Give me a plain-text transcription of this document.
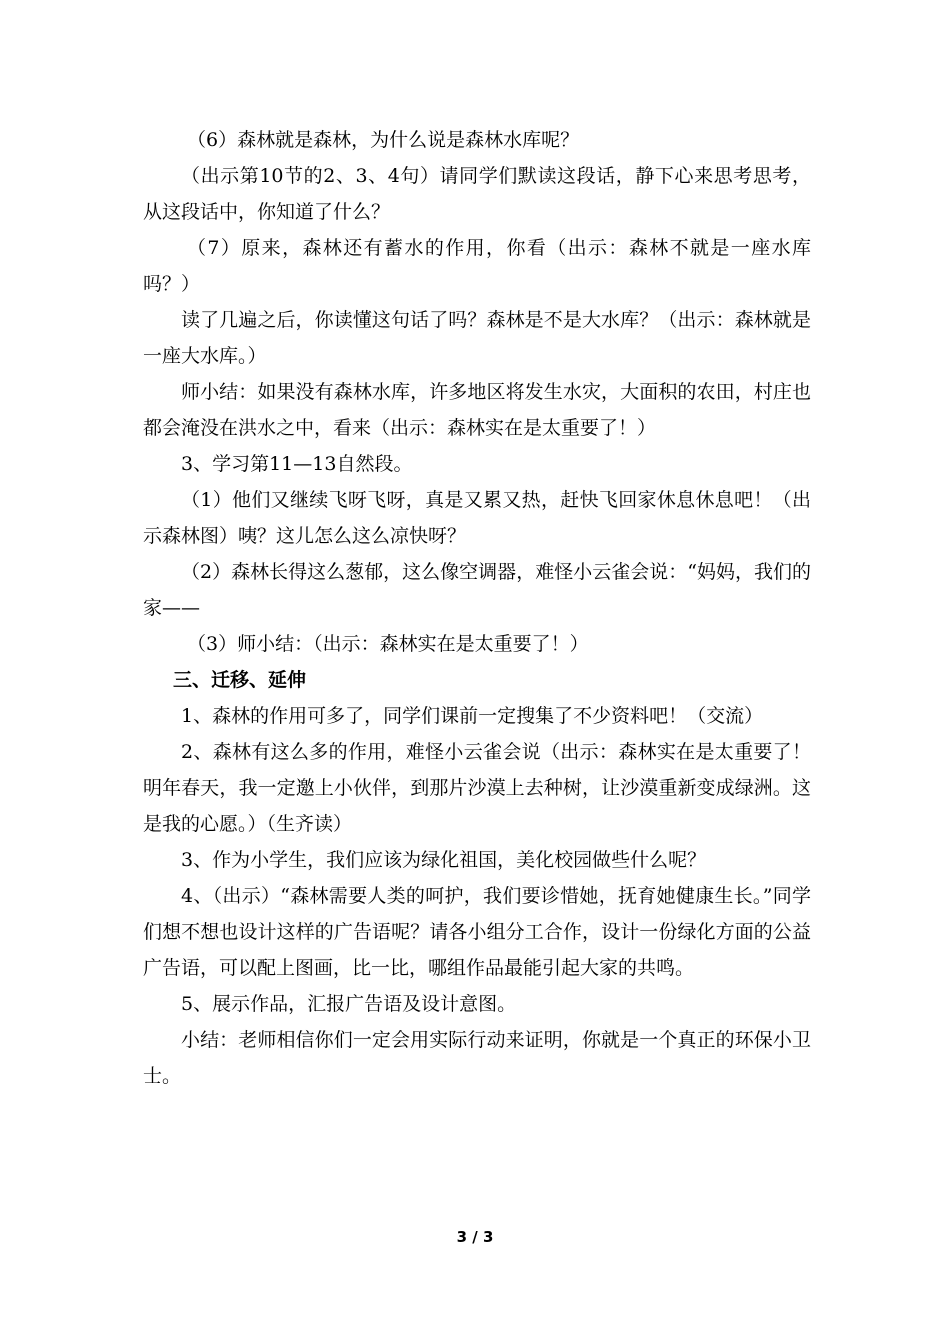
（6）森林就是森林，为什么说是森林水库呢？

（出示第10节的2、3、4句）请同学们默读这段话，静下心来思考思考，从这段话中，你知道了什么？

（7）原来，森林还有蓄水的作用，你看（出示：森林不就是一座水库吗？）

读了几遍之后，你读懂这句话了吗？森林是不是大水库？（出示：森林就是一座大水库。）

师小结：如果没有森林水库，许多地区将发生水灾，大面积的农田，村庄也都会淹没在洪水之中，看来（出示：森林实在是太重要了！）

3、学习第11—13自然段。

（1）他们又继续飞呀飞呀，真是又累又热，赶快飞回家休息休息吧！（出示森林图）咦？这儿怎么这么凉快呀？

（2）森林长得这么葱郁，这么像空调器，难怪小云雀会说：“妈妈，我们的家——

（3）师小结：（出示：森林实在是太重要了！）

三、迁移、延伸

1、森林的作用可多了，同学们课前一定搜集了不少资料吧！（交流）

2、森林有这么多的作用，难怪小云雀会说（出示：森林实在是太重要了！明年春天，我一定邀上小伙伴，到那片沙漠上去种树，让沙漠重新变成绿洲。这是我的心愿。）（生齐读）

3、作为小学生，我们应该为绿化祖国，美化校园做些什么呢？

4、（出示）“森林需要人类的呵护，我们要诊惜她，抚育她健康生长。”同学们想不想也设计这样的广告语呢？请各小组分工合作，设计一份绿化方面的公益广告语，可以配上图画，比一比，哪组作品最能引起大家的共鸣。

5、展示作品，汇报广告语及设计意图。

小结：老师相信你们一定会用实际行动来证明，你就是一个真正的环保小卫士。

3 / 3
